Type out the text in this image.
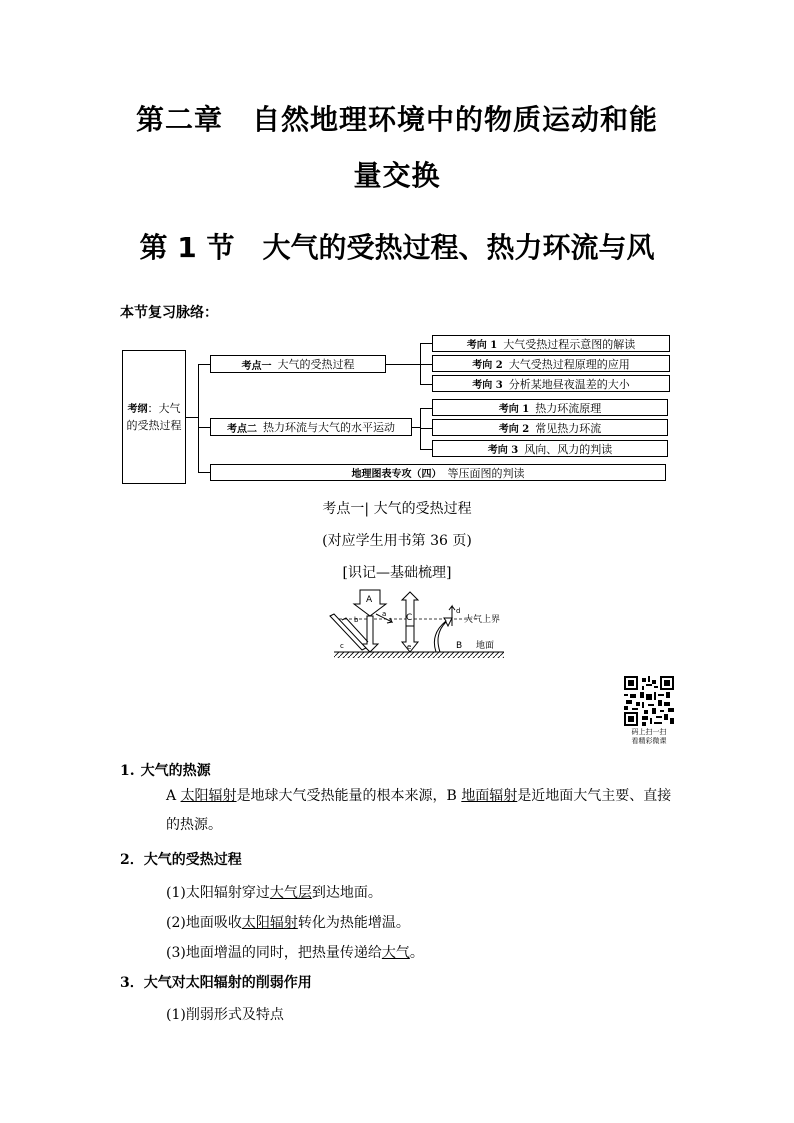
第二章　自然地理环境中的物质运动和能
量交换
第 1 节　大气的受热过程、热力环流与风
本节复习脉络：
考纲：大气
的受热过程
考点一 大气的受热过程
考点二 热力环流与大气的水平运动
考向 1 大气受热过程示意图的解读
考向 2 大气受热过程原理的应用
考向 3 分析某地昼夜温差的大小
考向 1 热力环流原理
考向 2 常见热力环流
考向 3 风向、风力的判读
地理图表专攻（四） 等压面图的判读
考点一| 大气的受热过程
(对应学生用书第 36 页)
[识记—基础梳理]
A
B
C
a
b
c
d
e
大气上界
地面
码上扫一扫
看精彩微课
1. 大气的热源
A 太阳辐射是地球大气受热能量的根本来源，B 地面辐射是近地面大气主要、直接的热源。
2．大气的受热过程
(1)太阳辐射穿过大气层到达地面。
(2)地面吸收太阳辐射转化为热能增温。
(3)地面增温的同时，把热量传递给大气。
3．大气对太阳辐射的削弱作用
(1)削弱形式及特点
